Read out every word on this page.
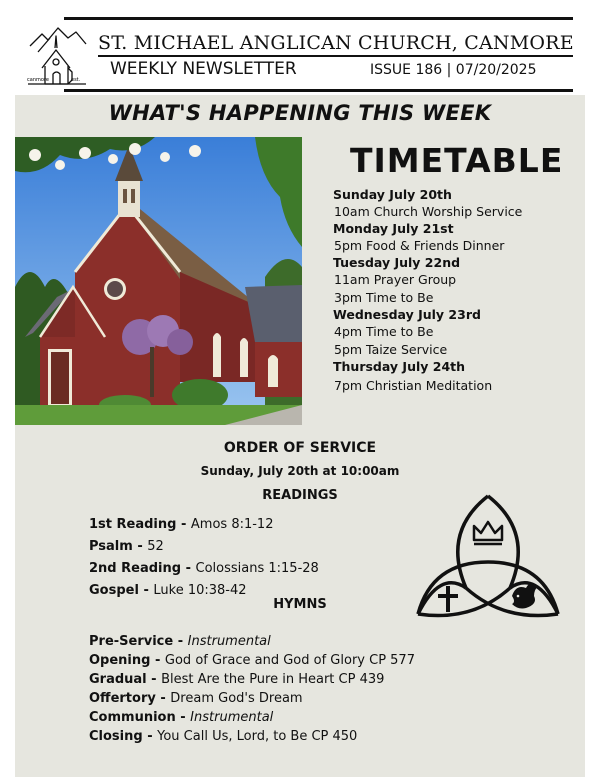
canmore	est.
ST. MICHAEL ANGLICAN CHURCH, CANMORE
WEEKLY NEWSLETTER	ISSUE 186 | 07/20/2025
WHAT'S HAPPENING THIS WEEK
TIMETABLE
Sunday July 20th
10am Church Worship Service
Monday July 21st
5pm Food & Friends Dinner
Tuesday July 22nd
11am Prayer Group
3pm Time to Be
Wednesday July 23rd
4pm Time to Be
5pm Taize Service
Thursday July 24th
7pm Christian Meditation
ORDER OF SERVICE
Sunday, July 20th at 10:00am
READINGS
1st Reading - Amos 8:1-12
Psalm - 52
2nd Reading - Colossians 1:15-28
Gospel - Luke 10:38-42
HYMNS
Pre-Service - Instrumental
Opening - God of Grace and God of Glory CP 577
Gradual - Blest Are the Pure in Heart CP 439
Offertory - Dream God's Dream
Communion - Instrumental
Closing - You Call Us, Lord, to Be CP 450
